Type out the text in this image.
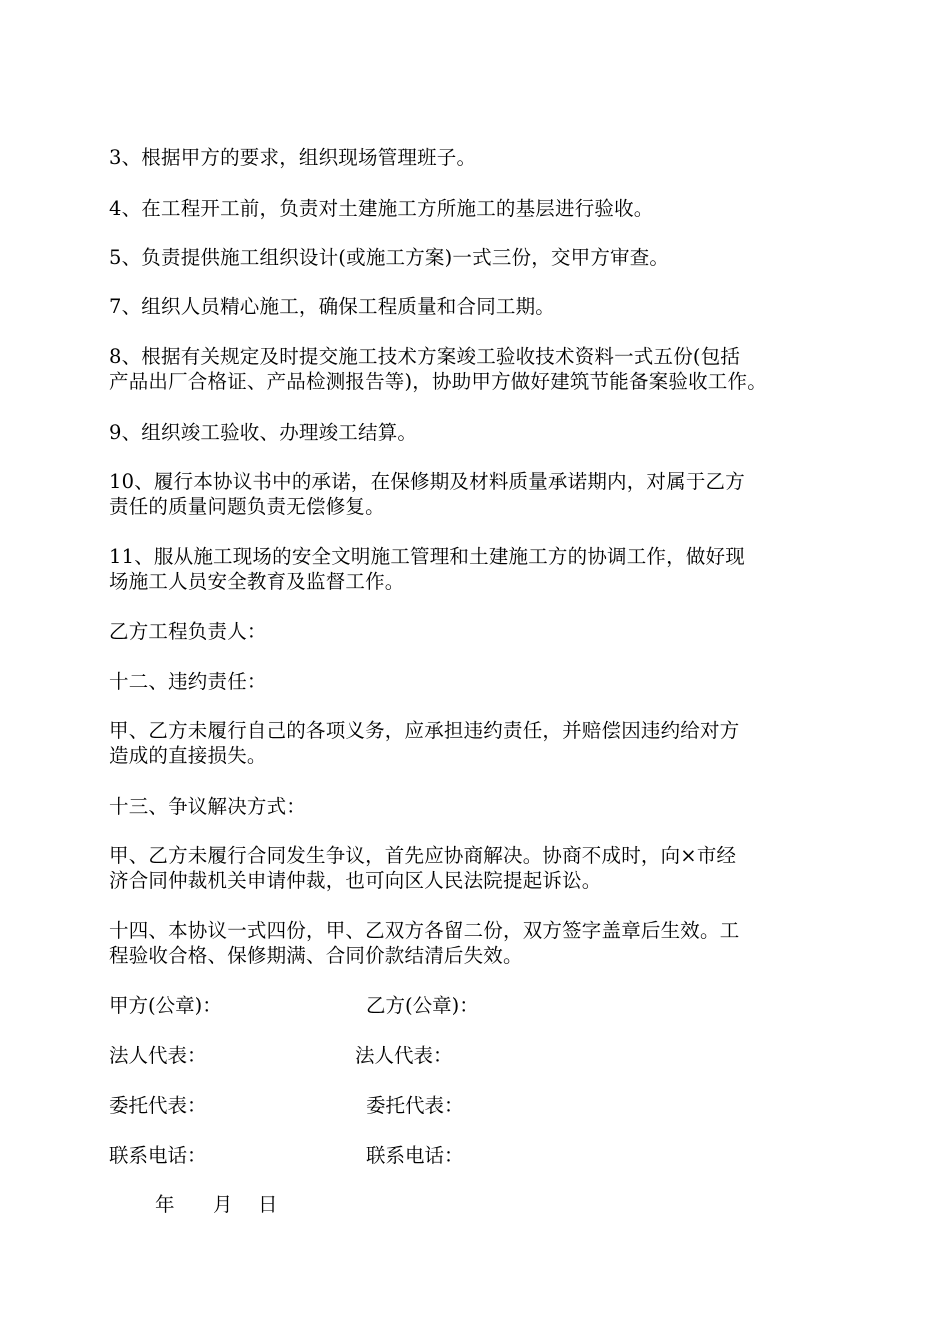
3、根据甲方的要求，组织现场管理班子。
4、在工程开工前，负责对土建施工方所施工的基层进行验收。
5、负责提供施工组织设计(或施工方案)一式三份，交甲方审查。
7、组织人员精心施工，确保工程质量和合同工期。
8、根据有关规定及时提交施工技术方案竣工验收技术资料一式五份(包括
产品出厂合格证、产品检测报告等)，协助甲方做好建筑节能备案验收工作。
9、组织竣工验收、办理竣工结算。
10、履行本协议书中的承诺，在保修期及材料质量承诺期内，对属于乙方
责任的质量问题负责无偿修复。
11、服从施工现场的安全文明施工管理和土建施工方的协调工作，做好现
场施工人员安全教育及监督工作。
乙方工程负责人：
十二、违约责任：
甲、乙方未履行自己的各项义务，应承担违约责任，并赔偿因违约给对方
造成的直接损失。
十三、争议解决方式：
甲、乙方未履行合同发生争议，首先应协商解决。协商不成时，向×市经
济合同仲裁机关申请仲裁，也可向区人民法院提起诉讼。
十四、本协议一式四份，甲、乙双方各留二份，双方签字盖章后生效。工
程验收合格、保修期满、合同价款结清后失效。
甲方(公章)：	乙方(公章)：
法人代表：	法人代表：
委托代表：	委托代表：
联系电话：	联系电话：
年 月 日
